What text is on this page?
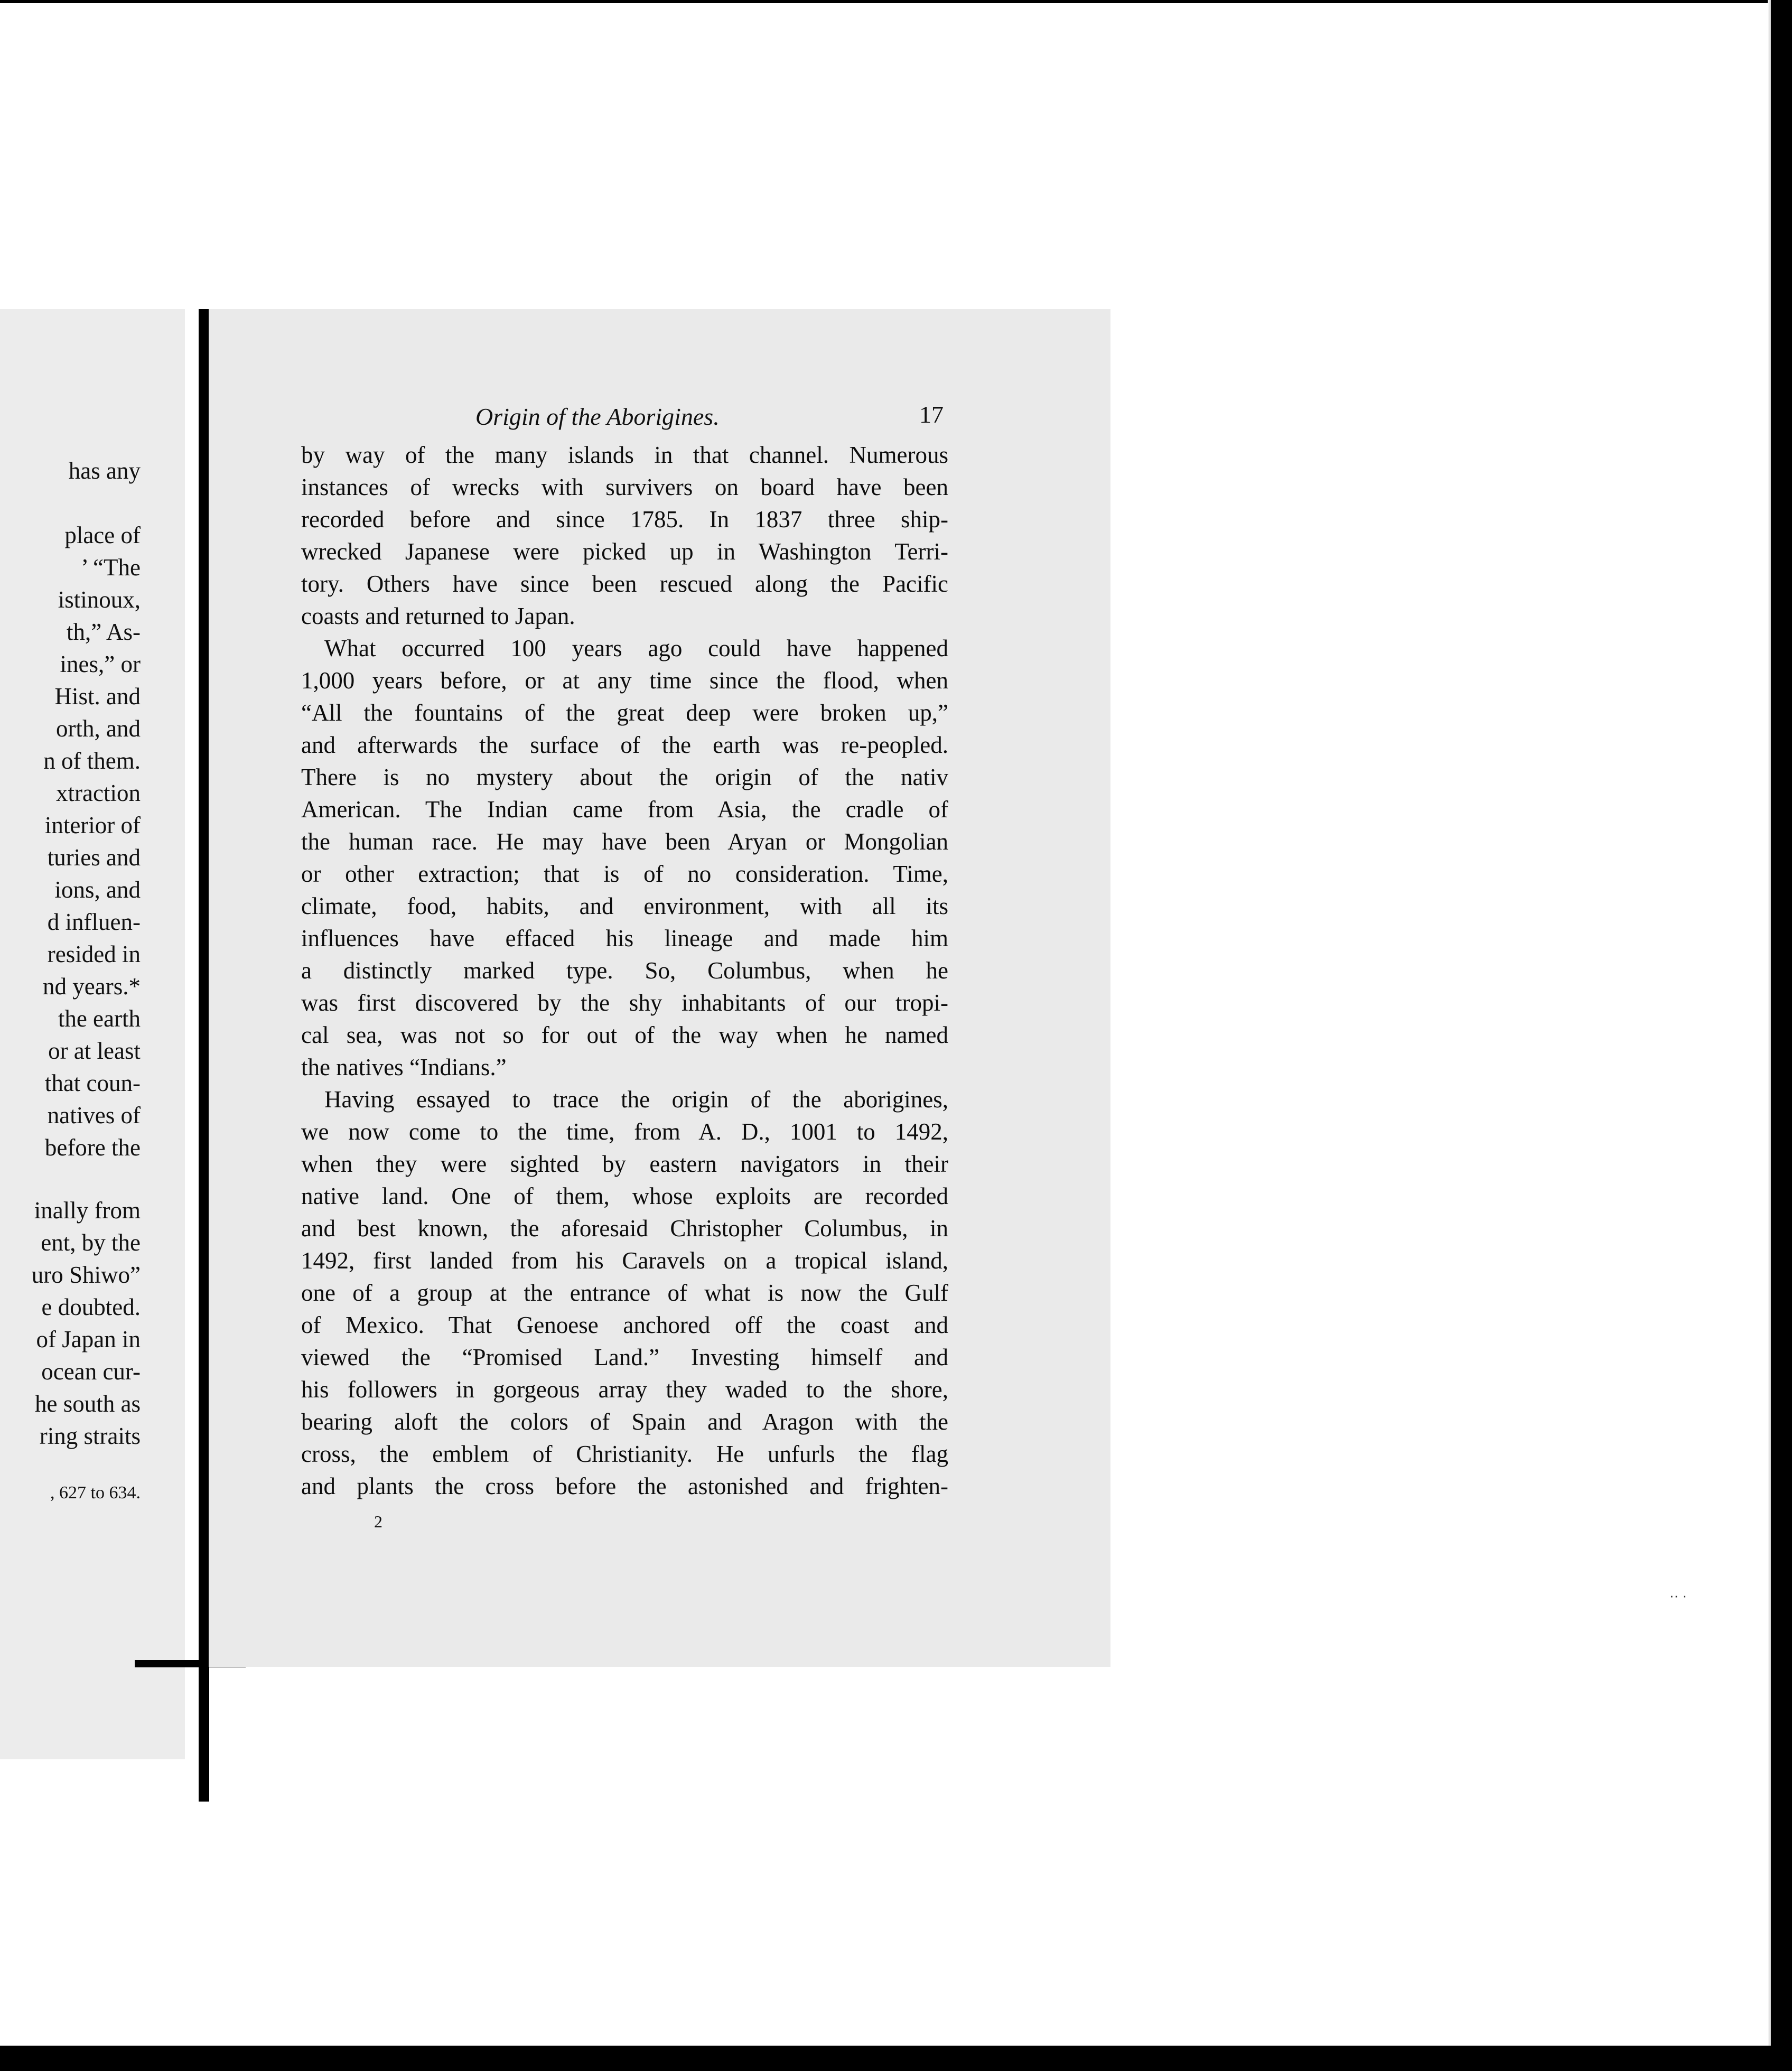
has any
place of
’ “The
istinoux,
th,” As-
ines,” or
Hist. and
orth, and
n of them.
xtraction
interior of
turies and
ions, and
d influen-
resided in
nd years.*
the earth
or at least
that coun-
natives of
before the
inally from
ent, by the
uro Shiwo”
e doubted.
of Japan in
ocean cur-
he south as
ring straits
, 627 to 634.
Origin of the Aborigines.	17
by way of the many islands in that channel. Numerous
instances of wrecks with survivers on board have been
recorded before and since 1785. In 1837 three ship-
wrecked Japanese were picked up in Washington Terri-
tory. Others have since been rescued along the Pacific
coasts and returned to Japan.
What occurred 100 years ago could have happened
1,000 years before, or at any time since the flood, when
“All the fountains of the great deep were broken up,”
and afterwards the surface of the earth was re-peopled.
There is no mystery about the origin of the nativ
American. The Indian came from Asia, the cradle of
the human race. He may have been Aryan or Mongolian
or other extraction; that is of no consideration. Time,
climate, food, habits, and environment, with all its
influences have effaced his lineage and made him
a distinctly marked type. So, Columbus, when he
was first discovered by the shy inhabitants of our tropi-
cal sea, was not so for out of the way when he named
the natives “Indians.”
Having essayed to trace the origin of the aborigines,
we now come to the time, from A. D., 1001 to 1492,
when they were sighted by eastern navigators in their
native land. One of them, whose exploits are recorded
and best known, the aforesaid Christopher Columbus, in
1492, first landed from his Caravels on a tropical island,
one of a group at the entrance of what is now the Gulf
of Mexico. That Genoese anchored off the coast and
viewed the “Promised Land.” Investing himself and
his followers in gorgeous array they waded to the shore,
bearing aloft the colors of Spain and Aragon with the
cross, the emblem of Christianity. He unfurls the flag
and plants the cross before the astonished and frighten-
2
·· ·
